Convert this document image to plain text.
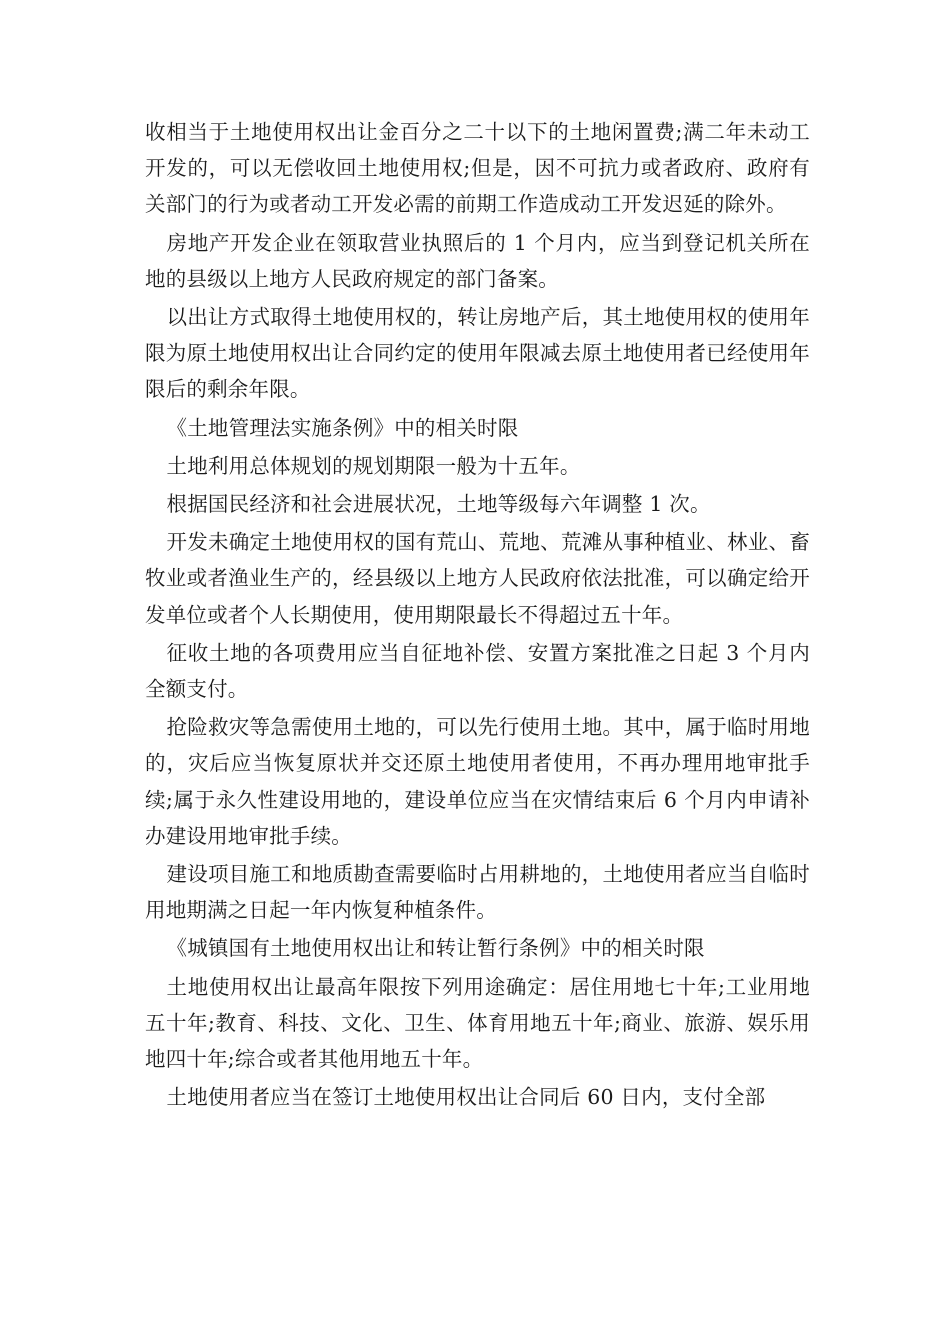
收相当于土地使用权出让金百分之二十以下的土地闲置费;满二年未动工开发的，可以无偿收回土地使用权;但是，因不可抗力或者政府、政府有关部门的行为或者动工开发必需的前期工作造成动工开发迟延的除外。

房地产开发企业在领取营业执照后的 1 个月内，应当到登记机关所在地的县级以上地方人民政府规定的部门备案。

以出让方式取得土地使用权的，转让房地产后，其土地使用权的使用年限为原土地使用权出让合同约定的使用年限减去原土地使用者已经使用年限后的剩余年限。

《土地管理法实施条例》中的相关时限

土地利用总体规划的规划期限一般为十五年。

根据国民经济和社会进展状况，土地等级每六年调整 1 次。

开发未确定土地使用权的国有荒山、荒地、荒滩从事种植业、林业、畜牧业或者渔业生产的，经县级以上地方人民政府依法批准，可以确定给开发单位或者个人长期使用，使用期限最长不得超过五十年。

征收土地的各项费用应当自征地补偿、安置方案批准之日起 3 个月内全额支付。

抢险救灾等急需使用土地的，可以先行使用土地。其中，属于临时用地的，灾后应当恢复原状并交还原土地使用者使用，不再办理用地审批手续;属于永久性建设用地的，建设单位应当在灾情结束后 6 个月内申请补办建设用地审批手续。

建设项目施工和地质勘查需要临时占用耕地的，土地使用者应当自临时用地期满之日起一年内恢复种植条件。

《城镇国有土地使用权出让和转让暂行条例》中的相关时限

土地使用权出让最高年限按下列用途确定：居住用地七十年;工业用地五十年;教育、科技、文化、卫生、体育用地五十年;商业、旅游、娱乐用地四十年;综合或者其他用地五十年。

土地使用者应当在签订土地使用权出让合同后 60 日内，支付全部
